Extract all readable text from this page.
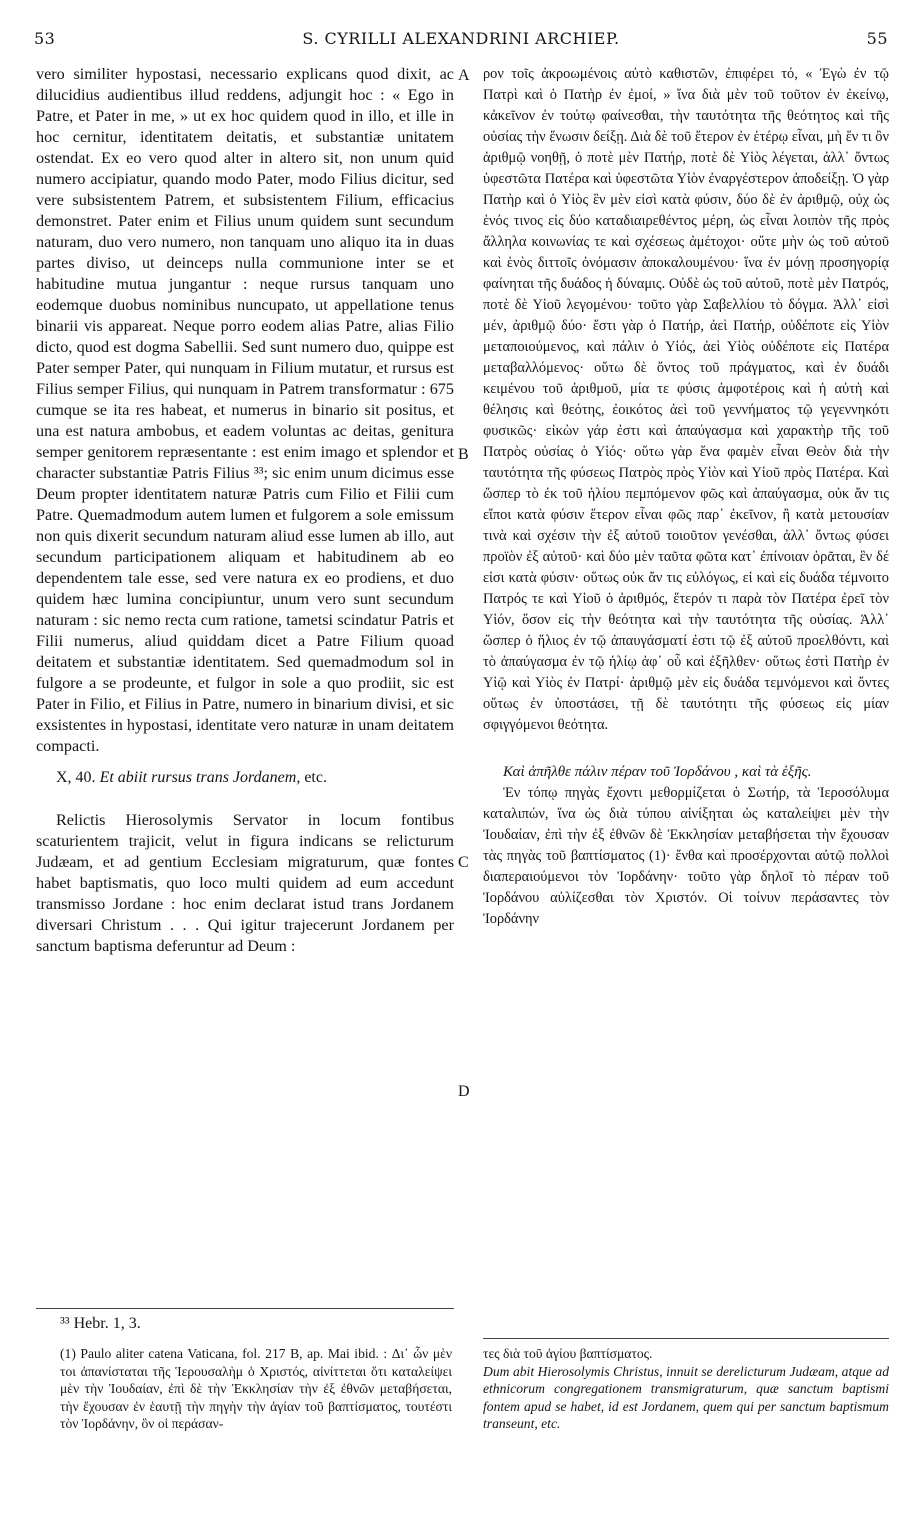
53	S. CYRILLI ALEXANDRINI ARCHIEP.	55

vero similiter hypostasi, necessario explicans quod dixit, ac dilucidius audientibus illud reddens, adjungit hoc : « Ego in Patre, et Pater in me, » ut ex hoc quidem quod in illo, et ille in hoc cernitur, identitatem deitatis, et substantiæ unitatem ostendat. Ex eo vero quod alter in altero sit, non unum quid numero accipiatur, quando modo Pater, modo Filius dicitur, sed vere subsistentem Patrem, et subsistentem Filium, efficacius demonstret. Pater enim et Filius unum quidem sunt secundum naturam, duo vero numero, non tanquam uno aliquo ita in duas partes diviso, ut deinceps nulla communione inter se et habitudine mutua jungantur : neque rursus tanquam uno eodemque duobus nominibus nuncupato, ut appellatione tenus binarii vis appareat. Neque porro eodem alias Patre, alias Filio dicto, quod est dogma Sabellii. Sed sunt numero duo, quippe est Pater semper Pater, qui nunquam in Filium mutatur, et rursus est Filius semper Filius, qui nunquam in Patrem transformatur : 675 cumque se ita res habeat, et numerus in binario sit positus, et una est natura ambobus, et eadem voluntas ac deitas, genitura semper genitorem repræsentante : est enim imago et splendor et character substantiæ Patris Filius ³³; sic enim unum dicimus esse Deum propter identitatem naturæ Patris cum Filio et Filii cum Patre. Quemadmodum autem lumen et fulgorem a sole emissum non quis dixerit secundum naturam aliud esse lumen ab illo, aut secundum participationem aliquam et habitudinem ab eo dependentem tale esse, sed vere natura ex eo prodiens, et duo quidem hæc lumina concipiuntur, unum vero sunt secundum naturam : sic nemo recta cum ratione, tametsi scindatur Patris et Filii numerus, aliud quiddam dicet a Patre Filium quoad deitatem et substantiæ identitatem. Sed quemadmodum sol in fulgore a se prodeunte, et fulgor in sole a quo prodiit, sic est Pater in Filio, et Filius in Patre, numero in binarium divisi, et sic exsistentes in hypostasi, identitate vero naturæ in unam deitatem compacti.

X, 40. Et abiit rursus trans Jordanem, etc.

Relictis Hierosolymis Servator in locum fontibus scaturientem trajicit, velut in figura indicans se relicturum Judæam, et ad gentium Ecclesiam migraturum, quæ fontes habet baptismatis, quo loco multi quidem ad eum accedunt transmisso Jordane : hoc enim declarat istud trans Jordanem diversari Christum . . . Qui igitur trajecerunt Jordanem per sanctum baptisma deferuntur ad Deum :

A
B
C
D

ρον τοῖς ἀκροωμένοις αὐτὸ καθιστῶν, ἐπιφέρει τό, « Ἐγὼ ἐν τῷ Πατρὶ καὶ ὁ Πατὴρ ἐν ἐμοί, » ἵνα διὰ μὲν τοῦ τοῦτον ἐν ἐκείνῳ, κἀκεῖνον ἐν τούτῳ φαίνεσθαι, τὴν ταυτότητα τῆς θεότητος καὶ τῆς οὐσίας τὴν ἕνωσιν δείξῃ. Διὰ δὲ τοῦ ἕτερον ἐν ἑτέρῳ εἶναι, μὴ ἕν τι ὂν ἀριθμῷ νοηθῇ, ὁ ποτὲ μὲν Πατήρ, ποτὲ δὲ Υἱὸς λέγεται, ἀλλ᾽ ὄντως ὑφεστῶτα Πατέρα καὶ ὑφεστῶτα Υἱὸν ἐναργέστερον ἀποδείξῃ. Ὁ γὰρ Πατὴρ καὶ ὁ Υἱὸς ἓν μὲν εἰσὶ κατὰ φύσιν, δύο δὲ ἐν ἀριθμῷ, οὐχ ὡς ἑνός τινος εἰς δύο καταδιαιρεθέντος μέρη, ὡς εἶναι λοιπὸν τῆς πρὸς ἄλληλα κοινωνίας τε καὶ σχέσεως ἀμέτοχοι· οὔτε μὴν ὡς τοῦ αὐτοῦ καὶ ἑνὸς διττοῖς ὀνόμασιν ἀποκαλουμένου· ἵνα ἐν μόνῃ προσηγορίᾳ φαίνηται τῆς δυάδος ἡ δύναμις. Οὐδὲ ὡς τοῦ αὐτοῦ, ποτὲ μὲν Πατρός, ποτὲ δὲ Υἱοῦ λεγομένου· τοῦτο γὰρ Σαβελλίου τὸ δόγμα. Ἀλλ᾽ εἰσὶ μέν, ἀριθμῷ δύο· ἔστι γὰρ ὁ Πατήρ, ἀεὶ Πατήρ, οὐδέποτε εἰς Υἱὸν μεταποιούμενος, καὶ πάλιν ὁ Υἱός, ἀεὶ Υἱὸς οὐδέποτε εἰς Πατέρα μεταβαλλόμενος· οὕτω δὲ ὄντος τοῦ πράγματος, καὶ ἐν δυάδι κειμένου τοῦ ἀριθμοῦ, μία τε φύσις ἀμφοτέροις καὶ ἡ αὐτὴ καὶ θέλησις καὶ θεότης, ἐοικότος ἀεὶ τοῦ γεννήματος τῷ γεγεννηκότι φυσικῶς· εἰκὼν γάρ ἐστι καὶ ἀπαύγασμα καὶ χαρακτὴρ τῆς τοῦ Πατρὸς οὐσίας ὁ Υἱός· οὕτω γὰρ ἕνα φαμὲν εἶναι Θεὸν διὰ τὴν ταυτότητα τῆς φύσεως Πατρὸς πρὸς Υἱὸν καὶ Υἱοῦ πρὸς Πατέρα. Καὶ ὥσπερ τὸ ἐκ τοῦ ἡλίου πεμπόμενον φῶς καὶ ἀπαύγασμα, οὐκ ἄν τις εἴποι κατὰ φύσιν ἕτερον εἶναι φῶς παρ᾽ ἐκεῖνον, ἢ κατὰ μετουσίαν τινὰ καὶ σχέσιν τὴν ἐξ αὐτοῦ τοιοῦτον γενέσθαι, ἀλλ᾽ ὄντως φύσει προϊὸν ἐξ αὐτοῦ· καὶ δύο μὲν ταῦτα φῶτα κατ᾽ ἐπίνοιαν ὁρᾶται, ἓν δέ εἰσι κατὰ φύσιν· οὕτως οὐκ ἄν τις εὐλόγως, εἰ καὶ εἰς δυάδα τέμνοιτο Πατρός τε καὶ Υἱοῦ ὁ ἀριθμός, ἕτερόν τι παρὰ τὸν Πατέρα ἐρεῖ τὸν Υἱόν, ὅσον εἰς τὴν θεότητα καὶ τὴν ταυτότητα τῆς οὐσίας. Ἀλλ᾽ ὥσπερ ὁ ἥλιος ἐν τῷ ἀπαυγάσματί ἐστι τῷ ἐξ αὐτοῦ προελθόντι, καὶ τὸ ἀπαύγασμα ἐν τῷ ἡλίῳ ἀφ᾽ οὗ καὶ ἐξῆλθεν· οὕτως ἐστὶ Πατὴρ ἐν Υἱῷ καὶ Υἱὸς ἐν Πατρί· ἀριθμῷ μὲν εἰς δυάδα τεμνόμενοι καὶ ὄντες οὕτως ἐν ὑποστάσει, τῇ δὲ ταυτότητι τῆς φύσεως εἰς μίαν σφιγγόμενοι θεότητα.

Καὶ ἀπῆλθε πάλιν πέραν τοῦ Ἰορδάνου , καὶ τὰ ἑξῆς.

Ἐν τόπῳ πηγὰς ἔχοντι μεθορμίζεται ὁ Σωτήρ, τὰ Ἱεροσόλυμα καταλιπών, ἵνα ὡς διὰ τύπου αἰνίξηται ὡς καταλείψει μὲν τὴν Ἰουδαίαν, ἐπὶ τὴν ἐξ ἐθνῶν δὲ Ἐκκλησίαν μεταβήσεται τὴν ἔχουσαν τὰς πηγὰς τοῦ βαπτίσματος (1)· ἔνθα καὶ προσέρχονται αὐτῷ πολλοὶ διαπεραιούμενοι τὸν Ἰορδάνην· τοῦτο γὰρ δηλοῖ τὸ πέραν τοῦ Ἰορδάνου αὐλίζεσθαι τὸν Χριστόν. Οἱ τοίνυν περάσαντες τὸν Ἰορδάνην

³³ Hebr. 1, 3.
(1) Paulo aliter catena Vaticana, fol. 217 B, ap. Mai ibid. : Δι᾽ ὧν μὲν τοι ἀπανίσταται τῆς Ἱερουσαλὴμ ὁ Χριστός, αἰνίττεται ὅτι καταλείψει μὲν τὴν Ἰουδαίαν, ἐπὶ δὲ τὴν Ἐκκλησίαν τὴν ἐξ ἐθνῶν μεταβήσεται, τὴν ἔχουσαν ἐν ἑαυτῇ τὴν πηγὴν τὴν ἁγίαν τοῦ βαπτίσματος, τουτέστι τὸν Ἰορδάνην, ὃν οἱ περάσαν-
τες διὰ τοῦ ἁγίου βαπτίσματος.
Dum abit Hierosolymis Christus, innuit se derelicturum Judæam, atque ad ethnicorum congregationem transmigraturum, quæ sanctum baptismi fontem apud se habet, id est Jordanem, quem qui per sanctum baptismum transeunt, etc.
